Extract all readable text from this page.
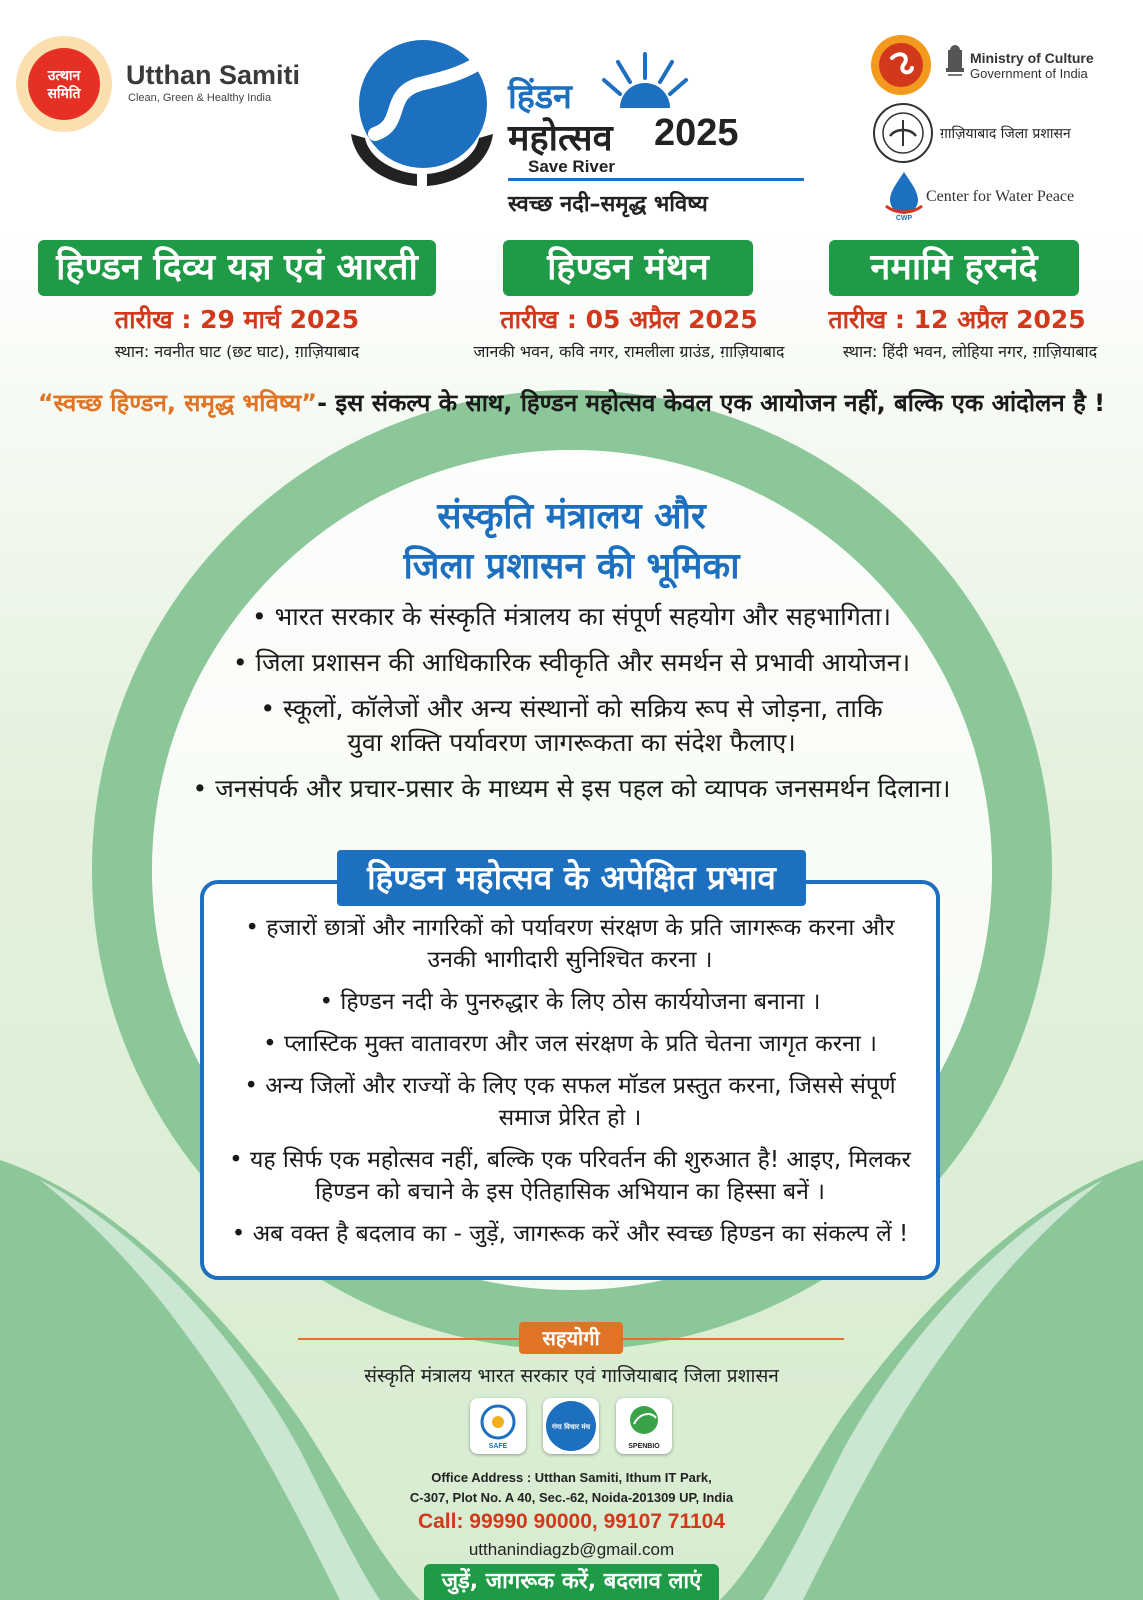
उत्थान
समिति
Utthan Samiti
Clean, Green & Healthy India	हिंडन
महोत्सव 2025
Save River
स्वच्छ नदी–समृद्ध भविष्य
Ministry of Culture
Government of India
ग़ाज़ियाबाद जिला प्रशासन
CWP
Center for Water Peace
हिण्डन दिव्य यज्ञ एवं आरती
तारीख : 29 मार्च 2025
स्थान: नवनीत घाट (छट घाट), ग़ाज़ियाबाद
हिण्डन मंथन
तारीख : 05 अप्रैल 2025
जानकी भवन, कवि नगर, रामलीला ग्राउंड, ग़ाज़ियाबाद
नमामि हरनंदे
तारीख : 12 अप्रैल 2025
स्थान: हिंदी भवन, लोहिया नगर, ग़ाज़ियाबाद
“स्वच्छ हिण्डन, समृद्ध भविष्य”- इस संकल्प के साथ, हिण्डन महोत्सव केवल एक आयोजन नहीं, बल्कि एक आंदोलन है !
संस्कृति मंत्रालय और
जिला प्रशासन की भूमिका
• भारत सरकार के संस्कृति मंत्रालय का संपूर्ण सहयोग और सहभागिता।
• जिला प्रशासन की आधिकारिक स्वीकृति और समर्थन से प्रभावी आयोजन।
• स्कूलों, कॉलेजों और अन्य संस्थानों को सक्रिय रूप से जोड़ना, ताकि युवा शक्ति पर्यावरण जागरूकता का संदेश फैलाए।
• जनसंपर्क और प्रचार-प्रसार के माध्यम से इस पहल को व्यापक जनसमर्थन दिलाना।
हिण्डन महोत्सव के अपेक्षित प्रभाव
• हजारों छात्रों और नागरिकों को पर्यावरण संरक्षण के प्रति जागरूक करना और उनकी भागीदारी सुनिश्चित करना ।
• हिण्डन नदी के पुनरुद्धार के लिए ठोस कार्ययोजना बनाना ।
• प्लास्टिक मुक्त वातावरण और जल संरक्षण के प्रति चेतना जागृत करना ।
• अन्य जिलों और राज्यों के लिए एक सफल मॉडल प्रस्तुत करना, जिससे संपूर्ण समाज प्रेरित हो ।
• यह सिर्फ एक महोत्सव नहीं, बल्कि एक परिवर्तन की शुरुआत है! आइए, मिलकर हिण्डन को बचाने के इस ऐतिहासिक अभियान का हिस्सा बनें ।
• अब वक्त है बदलाव का - जुड़ें, जागरूक करें और स्वच्छ हिण्डन का संकल्प लें !
सहयोगी
संस्कृति मंत्रालय भारत सरकार एवं गाजियाबाद जिला प्रशासन
SAFE
गंगा विचार मंच
SPENBIO
Office Address : Utthan Samiti, Ithum IT Park,
C-307, Plot No. A 40, Sec.-62, Noida-201309 UP, India
Call: 99990 90000, 99107 71104
utthanindiagzb@gmail.com
जुड़ें, जागरूक करें, बदलाव लाएं
